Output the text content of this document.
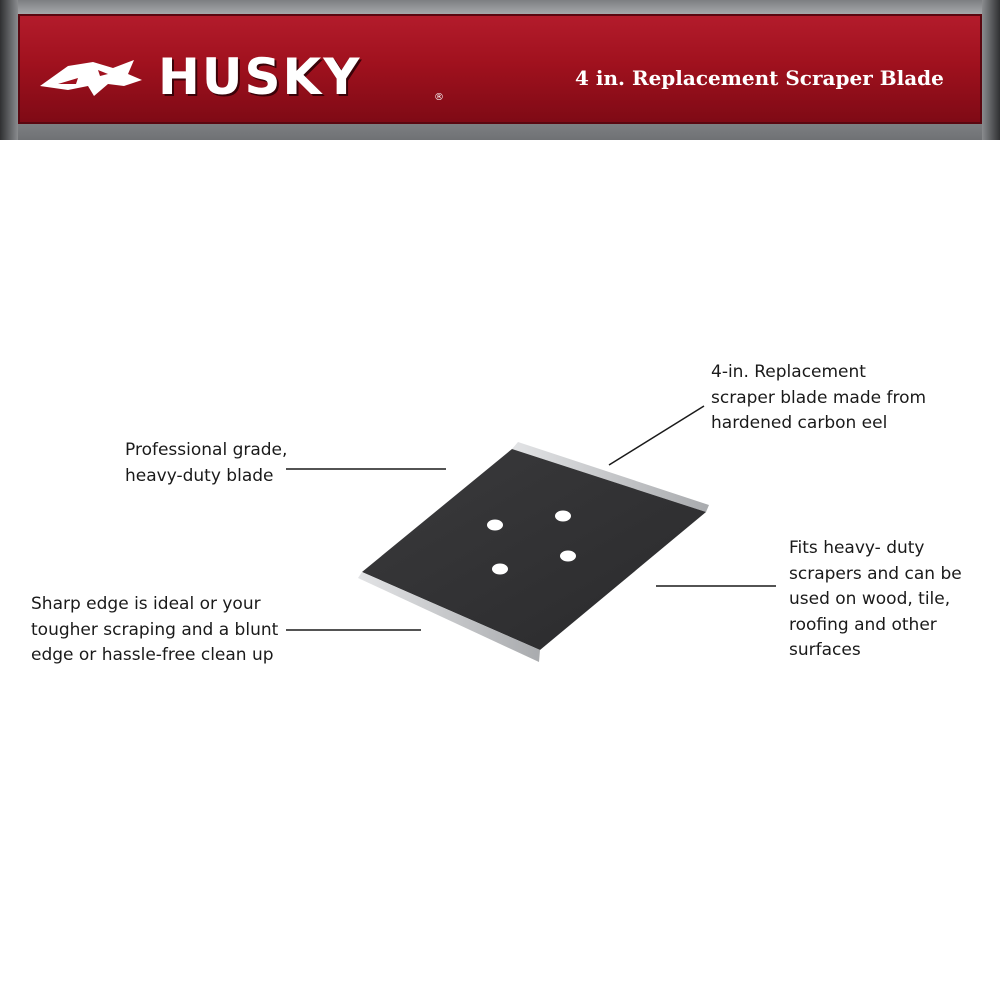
HUSKY	®
4 in. Replacement Scraper Blade
4-in. Replacement
scraper blade made from
hardened carbon eel
Professional grade,
heavy-duty blade
Sharp edge is ideal or your
tougher scraping and a blunt
edge or hassle-free clean up
Fits heavy- duty
scrapers and can be
used on wood, tile,
roofing and other
surfaces
